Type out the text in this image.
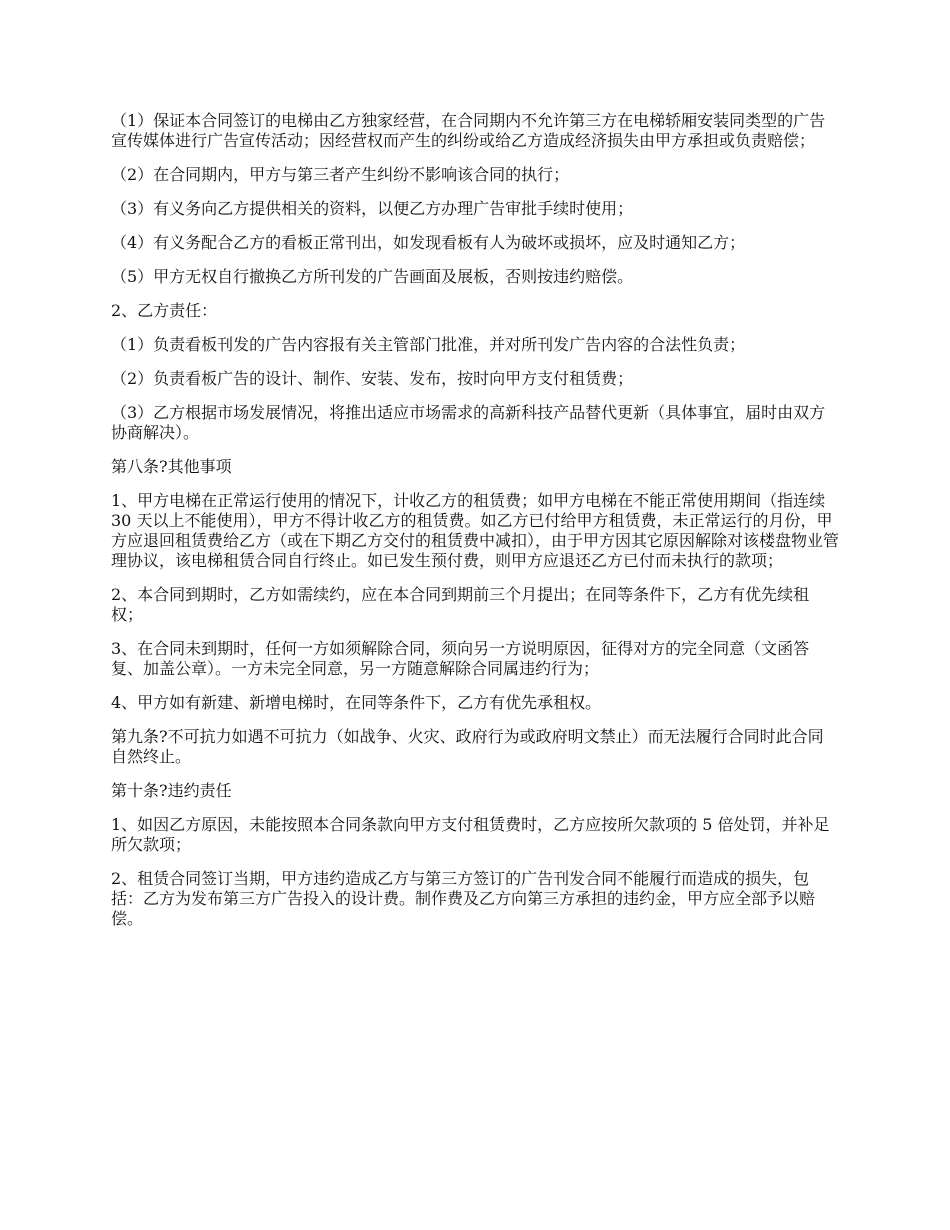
（1）保证本合同签订的电梯由乙方独家经营，在合同期内不允许第三方在电梯轿厢安装同类型的广告宣传媒体进行广告宣传活动；因经营权而产生的纠纷或给乙方造成经济损失由甲方承担或负责赔偿；

（2）在合同期内，甲方与第三者产生纠纷不影响该合同的执行；

（3）有义务向乙方提供相关的资料，以便乙方办理广告审批手续时使用；

（4）有义务配合乙方的看板正常刊出，如发现看板有人为破坏或损坏，应及时通知乙方；

（5）甲方无权自行撤换乙方所刊发的广告画面及展板，否则按违约赔偿。

2、乙方责任：

（1）负责看板刊发的广告内容报有关主管部门批准，并对所刊发广告内容的合法性负责；

（2）负责看板广告的设计、制作、安装、发布，按时向甲方支付租赁费；

（3）乙方根据市场发展情况，将推出适应市场需求的高新科技产品替代更新（具体事宜，届时由双方协商解决）。

第八条?其他事项

1、甲方电梯在正常运行使用的情况下，计收乙方的租赁费；如甲方电梯在不能正常使用期间（指连续 30 天以上不能使用），甲方不得计收乙方的租赁费。如乙方已付给甲方租赁费，未正常运行的月份，甲方应退回租赁费给乙方（或在下期乙方交付的租赁费中减扣），由于甲方因其它原因解除对该楼盘物业管理协议，该电梯租赁合同自行终止。如已发生预付费，则甲方应退还乙方已付而未执行的款项；

2、本合同到期时，乙方如需续约，应在本合同到期前三个月提出；在同等条件下，乙方有优先续租权；

3、在合同未到期时，任何一方如须解除合同，须向另一方说明原因，征得对方的完全同意（文函答复、加盖公章）。一方未完全同意，另一方随意解除合同属违约行为；

4、甲方如有新建、新增电梯时，在同等条件下，乙方有优先承租权。

第九条?不可抗力如遇不可抗力（如战争、火灾、政府行为或政府明文禁止）而无法履行合同时此合同自然终止。

第十条?违约责任

1、如因乙方原因，未能按照本合同条款向甲方支付租赁费时，乙方应按所欠款项的 5 倍处罚，并补足所欠款项；

2、租赁合同签订当期，甲方违约造成乙方与第三方签订的广告刊发合同不能履行而造成的损失，包括：乙方为发布第三方广告投入的设计费。制作费及乙方向第三方承担的违约金，甲方应全部予以赔偿。
